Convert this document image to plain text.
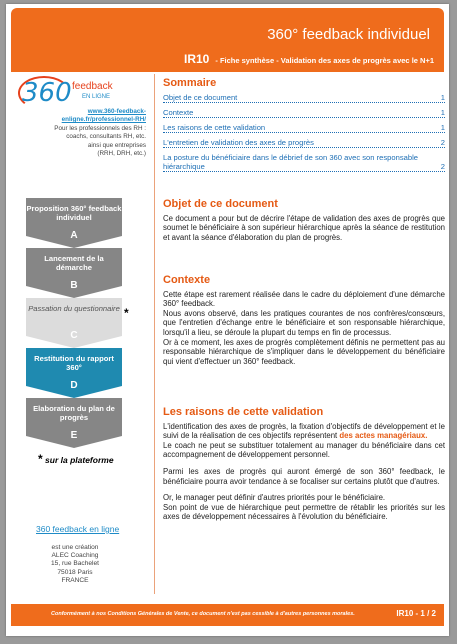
360° feedback individuel
IR10 - Fiche synthèse - Validation des axes de progrès avec le N+1
360 feedback
EN LIGNE
www.360-feedback-enligne.fr/professionnel-RH/
Pour les professionnels des RH :
coachs, consultants RH, etc.
ainsi que entreprises
(RRH, DRH, etc.)
Proposition 360° feedback individuel
A
Lancement de la démarche
B
Passation du questionnaire
C
*
Restitution du rapport 360°
D
Elaboration du plan de progrès
E
* sur la plateforme
360 feedback en ligne
est une création
ALEC Coaching
15, rue Bachelet
75018 Paris
FRANCE
Sommaire
Objet de ce document	1
Contexte	1
Les raisons de cette validation	1
L'entretien de validation des axes de progrès	2
La posture du bénéficiaire dans le débrief de son 360 avec son responsable hiérarchique	2
Objet de ce document

Ce document a pour but de décrire l'étape de validation des axes de progrès que soumet le bénéficiaire à son supérieur hiérarchique après la séance de restitution et avant la séance d'élaboration du plan de progrès.

Contexte

Cette étape est rarement réalisée dans le cadre du déploiement d'une démarche 360° feedback.

Nous avons observé, dans les pratiques courantes de nos confrères/consœurs, que l'entretien d'échange entre le bénéficiaire et son responsable hiérarchique, lorsqu'il a lieu, se déroule la plupart du temps en fin de processus.

Or à ce moment, les axes de progrès complètement définis ne permettent pas au responsable hiérarchique de s'impliquer dans le développement du bénéficiaire qui vient d'effectuer un 360° feedback.

Les raisons de cette validation

L'identification des axes de progrès, la fixation d'objectifs de développement et le suivi de la réalisation de ces objectifs représentent des actes managériaux.
Le coach ne peut se substituer totalement au manager du bénéficiaire dans cet accompagnement de développement personnel.

Parmi les axes de progrès qui auront émergé de son 360° feedback, le bénéficiaire pourra avoir tendance à se focaliser sur certains plutôt que d'autres.

Or, le manager peut définir d'autres priorités pour le bénéficiaire.

Son point de vue de hiérarchique peut permettre de rétablir les priorités sur les axes de développement nécessaires à l'évolution du bénéficiaire.

Conformément à nos Conditions Générales de Vente, ce document n'est pas cessible à d'autres personnes morales.	IR10 - 1 / 2
